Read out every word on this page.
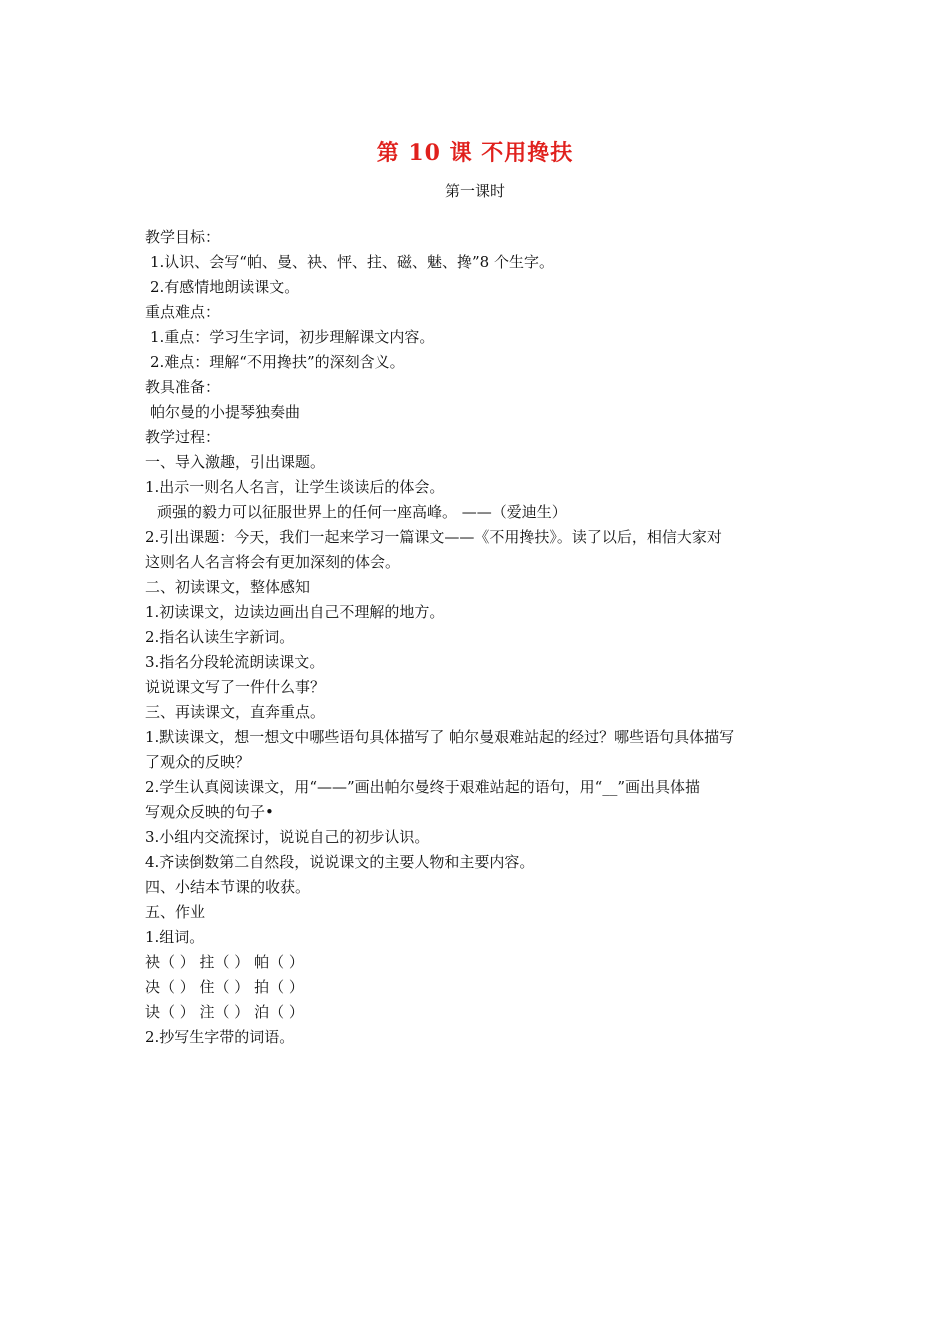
第 10 课 不用搀扶
第一课时
教学目标：
1.认识、会写“帕、曼、袂、怦、拄、磁、魅、搀”8 个生字。
2.有感情地朗读课文。
重点难点：
1.重点：学习生字词，初步理解课文内容。
2.难点：理解“不用搀扶”的深刻含义。
教具准备：
帕尔曼的小提琴独奏曲
教学过程：
一、导入激趣，引出课题。
1.出示一则名人名言，让学生谈读后的体会。
顽强的毅力可以征服世界上的任何一座高峰。 ——（爱迪生）
2.引出课题：今天，我们一起来学习一篇课文——《不用搀扶》。读了以后，相信大家对
这则名人名言将会有更加深刻的体会。
二、初读课文，整体感知
1.初读课文，边读边画出自己不理解的地方。
2.指名认读生字新词。
3.指名分段轮流朗读课文。
说说课文写了一件什么事？
三、再读课文，直奔重点。
1.默读课文，想一想文中哪些语句具体描写了 帕尔曼艰难站起的经过？哪些语句具体描写
了观众的反映？
2.学生认真阅读课文，用“——”画出帕尔曼终于艰难站起的语句，用“__”画出具体描
写观众反映的句子•
3.小组内交流探讨，说说自己的初步认识。
4.齐读倒数第二自然段，说说课文的主要人物和主要内容。
四、小结本节课的收获。
五、作业
1.组词。
袂（ ） 拄（ ） 帕（ ）
决（ ） 住（ ） 拍（ ）
诀（ ） 注（ ） 泊（ ）
2.抄写生字带的词语。
